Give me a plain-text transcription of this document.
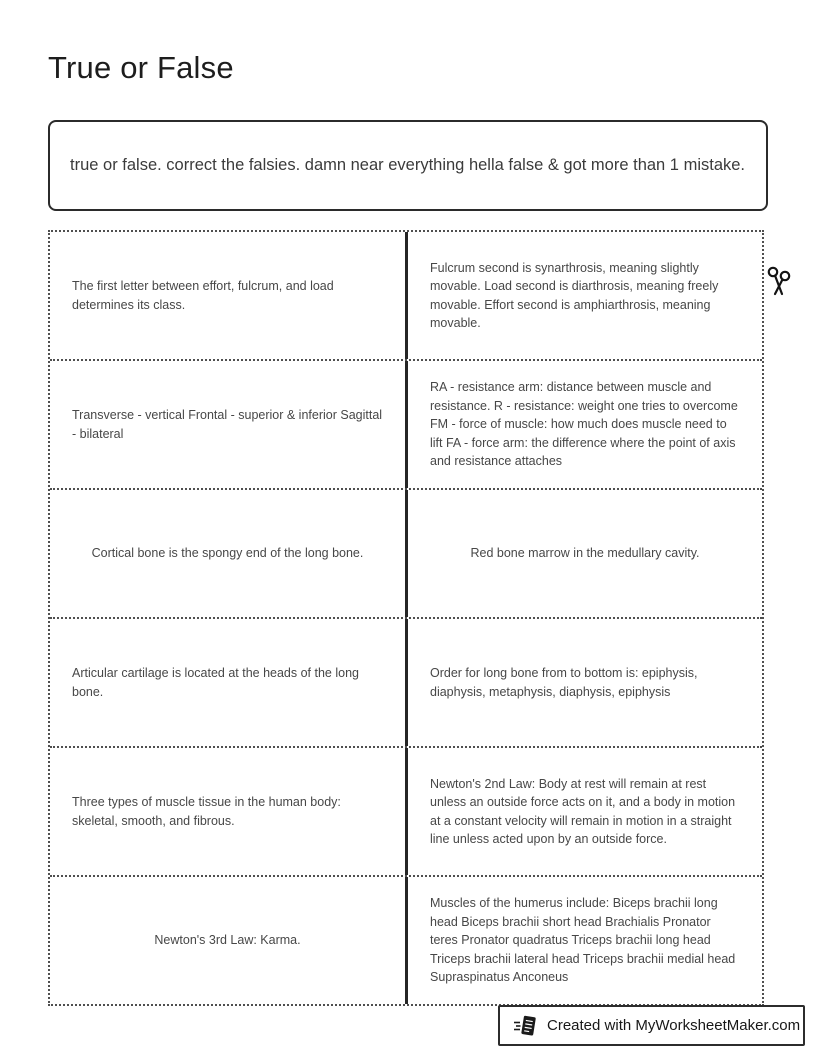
True or False

true or false. correct the falsies. damn near everything hella false & got more than 1 mistake.

The first letter between effort, fulcrum, and load determines its class.

Fulcrum second is synarthrosis, meaning slightly movable. Load second is diarthrosis, meaning freely movable. Effort second is amphiarthrosis, meaning movable.

Transverse - vertical Frontal - superior & inferior Sagittal - bilateral

RA - resistance arm: distance between muscle and resistance. R - resistance: weight one tries to overcome FM - force of muscle: how much does muscle need to lift FA - force arm: the difference where the point of axis and resistance attaches

Cortical bone is the spongy end of the long bone.	Red bone marrow in the medullary cavity.

Articular cartilage is located at the heads of the long bone.

Order for long bone from to bottom is: epiphysis, diaphysis, metaphysis, diaphysis, epiphysis

Three types of muscle tissue in the human body: skeletal, smooth, and fibrous.

Newton's 2nd Law: Body at rest will remain at rest unless an outside force acts on it, and a body in motion at a constant velocity will remain in motion in a straight line unless acted upon by an outside force.

Newton's 3rd Law: Karma.

Muscles of the humerus include: Biceps brachii long head Biceps brachii short head Brachialis Pronator teres Pronator quadratus Triceps brachii long head Triceps brachii lateral head Triceps brachii medial head Supraspinatus Anconeus

Created with MyWorksheetMaker.com
